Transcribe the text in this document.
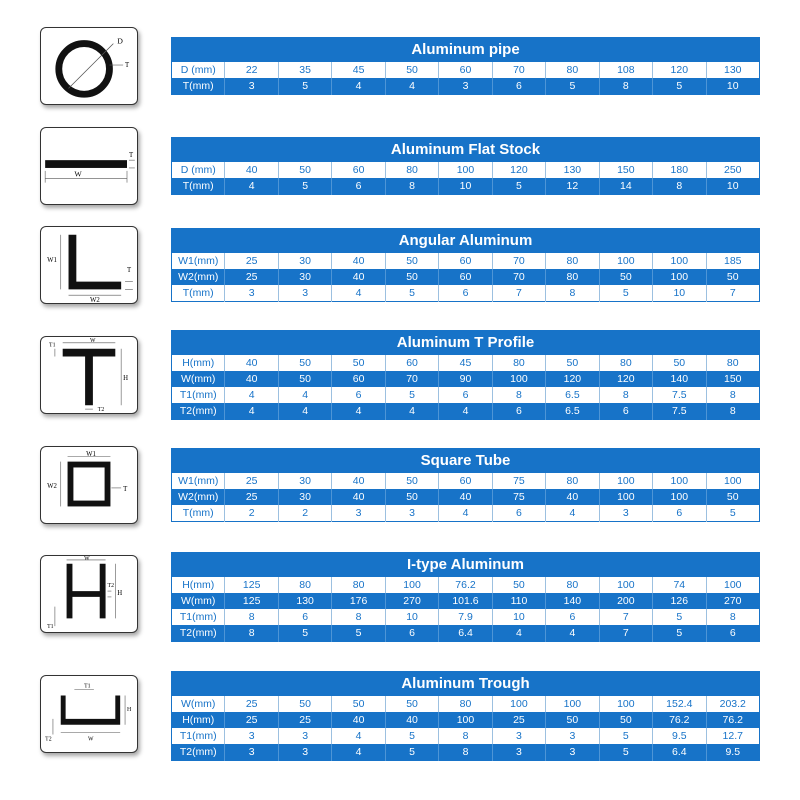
D
T
Aluminum pipe										
D (mm)	22	35	45	50	60	70	80	108	120	130
T(mm)	3	5	4	4	3	6	5	8	5	10
W
T	Aluminum Flat Stock										
D (mm)	40	50	60	80	100	120	130	150	180	250
T(mm)	4	5	6	8	10	5	12	14	8	10
W1
W2
T
Angular Aluminum										
W1(mm)	25	30	40	50	60	70	80	100	100	185
W2(mm)	25	30	40	50	60	70	80	50	100	50
T(mm)	3	3	4	5	6	7	8	5	10	7
W
H
T1
T2
Aluminum T Profile										
H(mm)	40	50	50	60	45	80	50	80	50	80
W(mm)	40	50	60	70	90	100	120	120	140	150
T1(mm)	4	4	6	5	6	8	6.5	8	7.5	8
T2(mm)	4	4	4	4	4	6	6.5	6	7.5	8
W1
W2	T
Square Tube										
W1(mm)	25	30	40	50	60	75	80	100	100	100
W2(mm)	25	30	40	50	40	75	40	100	100	50
T(mm)	2	2	3	3	4	6	4	3	6	5
W
H
T2
T1
I-type Aluminum										
H(mm)	125	80	80	100	76.2	50	80	100	74	100
W(mm)	125	130	176	270	101.6	110	140	200	126	270
T1(mm)	8	6	8	10	7.9	10	6	7	5	8
T2(mm)	8	5	5	6	6.4	4	4	7	5	6
T1
H
T2	W
Aluminum Trough										
W(mm)	25	50	50	50	80	100	100	100	152.4	203.2
H(mm)	25	25	40	40	100	25	50	50	76.2	76.2
T1(mm)	3	3	4	5	8	3	3	5	9.5	12.7
T2(mm)	3	3	4	5	8	3	3	5	6.4	9.5
